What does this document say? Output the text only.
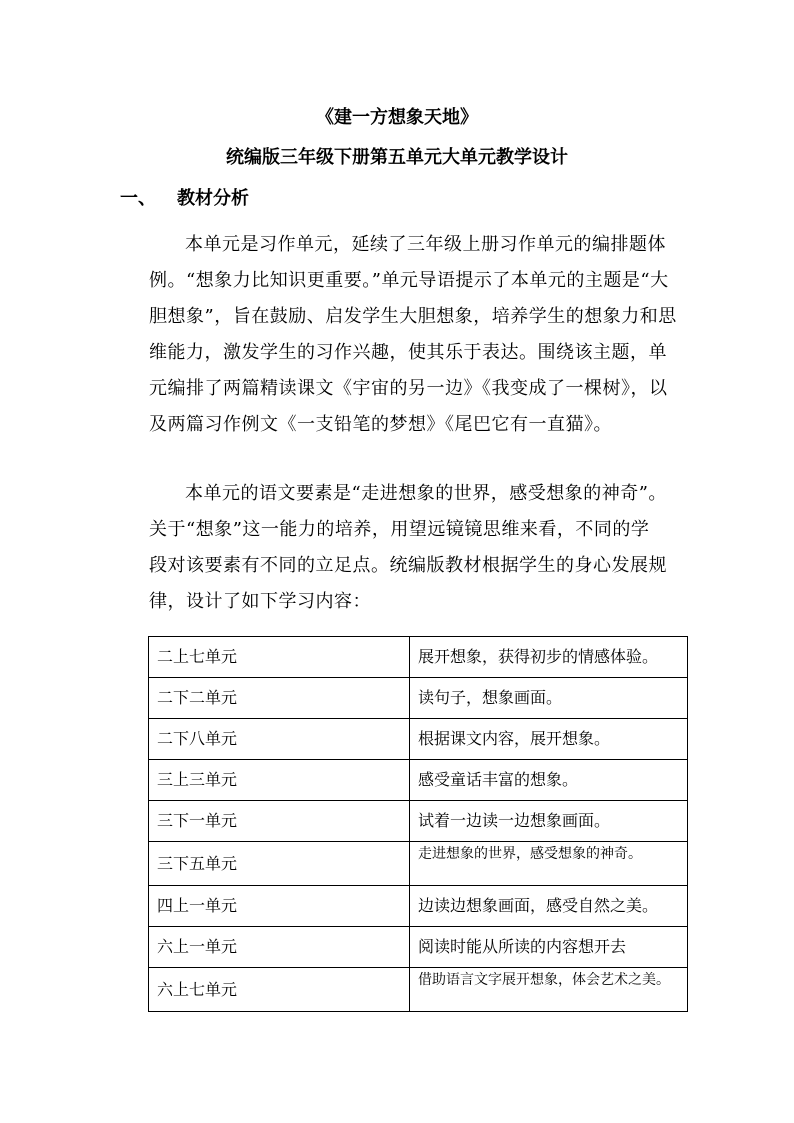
《建一方想象天地》
统编版三年级下册第五单元大单元教学设计
一、 教材分析
本单元是习作单元，延续了三年级上册习作单元的编排题体
例。“想象力比知识更重要。”单元导语提示了本单元的主题是“大
胆想象”，旨在鼓励、启发学生大胆想象，培养学生的想象力和思
维能力，激发学生的习作兴趣，使其乐于表达。围绕该主题，单
元编排了两篇精读课文《宇宙的另一边》《我变成了一棵树》，以
及两篇习作例文《一支铅笔的梦想》《尾巴它有一直猫》。
本单元的语文要素是“走进想象的世界，感受想象的神奇”。
关于“想象”这一能力的培养，用望远镜镜思维来看，不同的学
段对该要素有不同的立足点。统编版教材根据学生的身心发展规
律，设计了如下学习内容：
二上七单元	展开想象，获得初步的情感体验。
二下二单元	读句子，想象画面。
二下八单元	根据课文内容，展开想象。
三上三单元	感受童话丰富的想象。
三下一单元	试着一边读一边想象画面。
三下五单元	走进想象的世界，感受想象的神奇。
四上一单元	边读边想象画面，感受自然之美。
六上一单元	阅读时能从所读的内容想开去
六上七单元	借助语言文字展开想象，体会艺术之美。
